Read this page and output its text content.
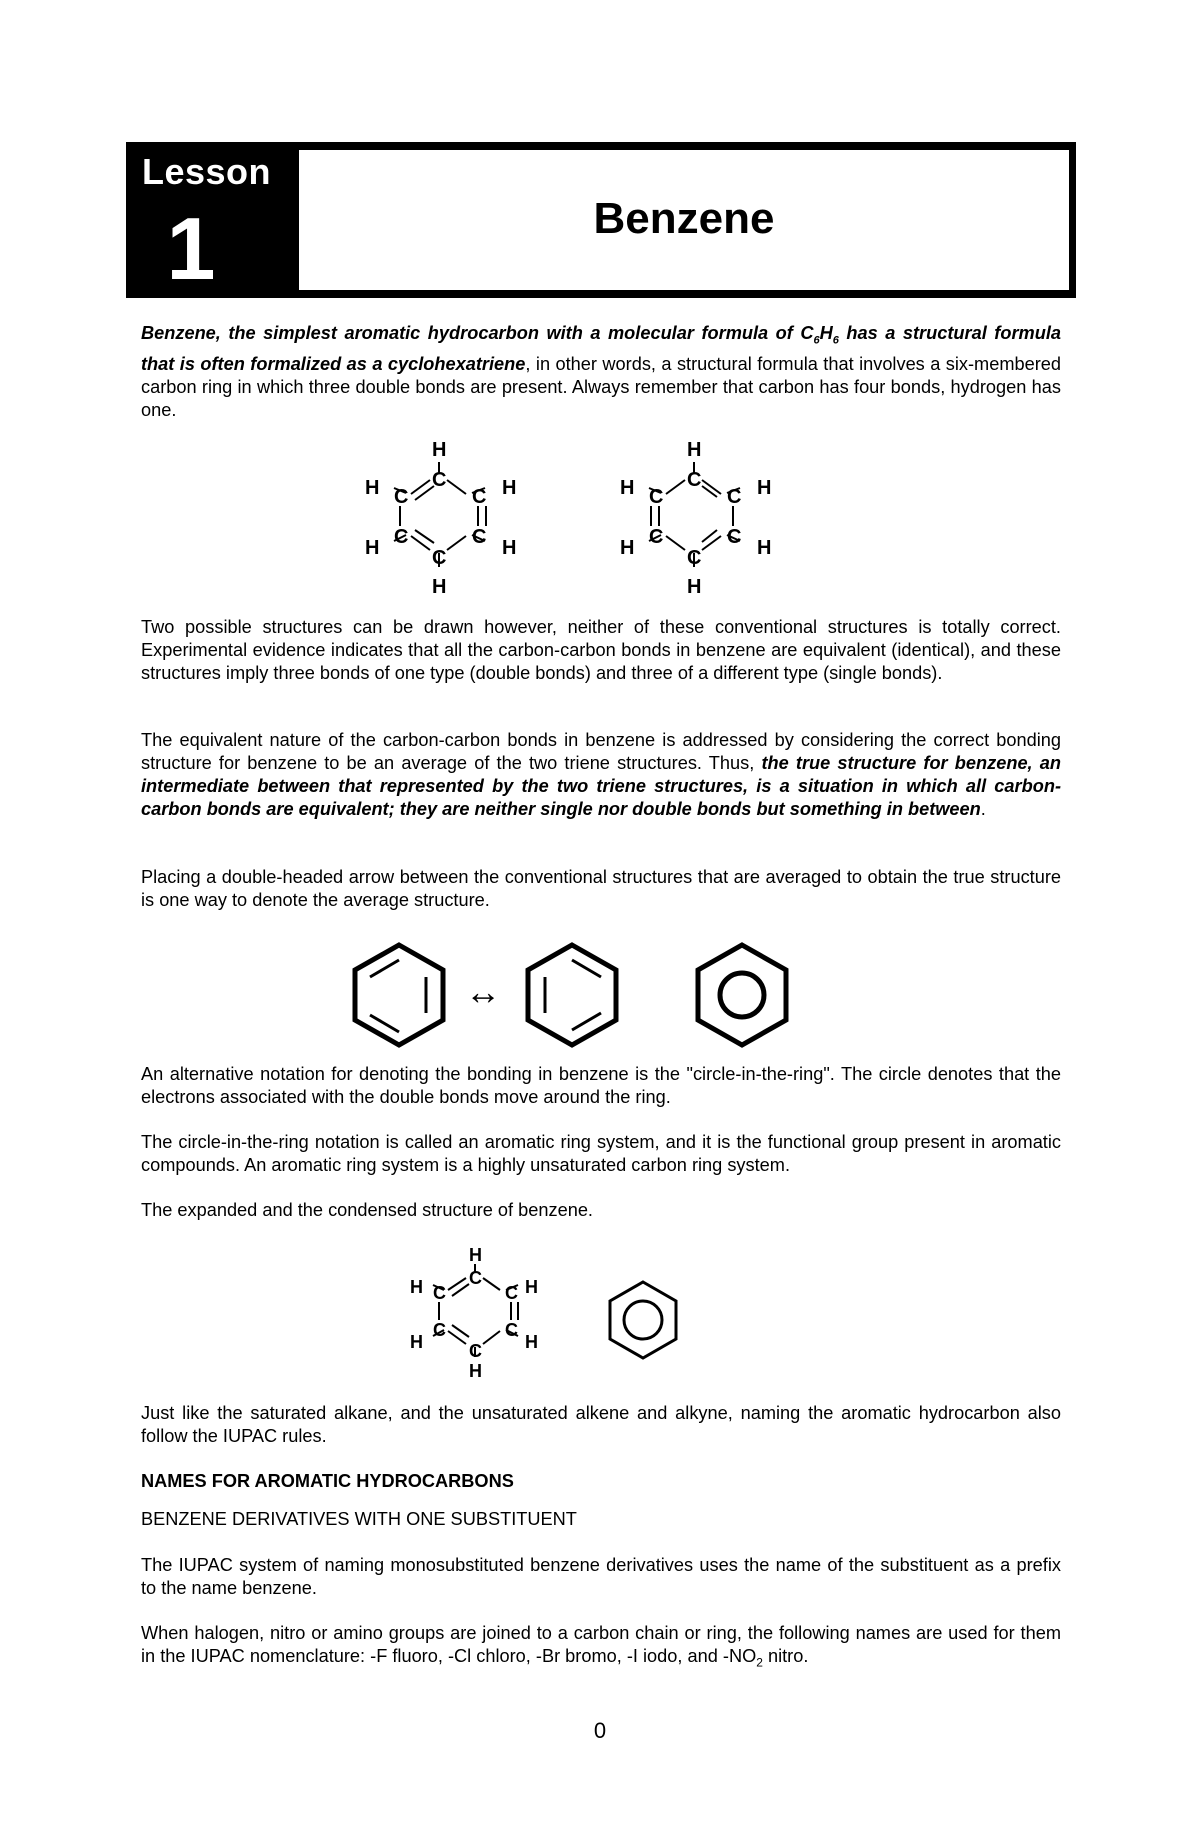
Lesson
1	Benzene
Benzene, the simplest aromatic hydrocarbon with a molecular formula of $C_6H_6$ has a structural formula that is often formalized as a cyclohexatriene, in other words, a structural formula that involves a six-membered carbon ring in which three double bonds are present. Always remember that carbon has four bonds, hydrogen has one.
H
C
H C	C H
H C	C H
C
H
H
C
H C	C H
H C	C H
C
H
Two possible structures can be drawn however, neither of these conventional structures is totally correct. Experimental evidence indicates that all the carbon-carbon bonds in benzene are equivalent (identical), and these structures imply three bonds of one type (double bonds) and three of a different type (single bonds).
The equivalent nature of the carbon-carbon bonds in benzene is addressed by considering the correct bonding structure for benzene to be an average of the two triene structures. Thus, the true structure for benzene, an intermediate between that represented by the two triene structures, is a situation in which all carbon-carbon bonds are equivalent; they are neither single nor double bonds but something in between.
Placing a double-headed arrow between the conventional structures that are averaged to obtain the true structure is one way to denote the average structure.
↔
An alternative notation for denoting the bonding in benzene is the "circle-in-the-ring". The circle denotes that the electrons associated with the double bonds move around the ring.
The circle-in-the-ring notation is called an aromatic ring system, and it is the functional group present in aromatic compounds. An aromatic ring system is a highly unsaturated carbon ring system.
The expanded and the condensed structure of benzene.
H
C
H C	C H
H
C	C
H
C
H
Just like the saturated alkane, and the unsaturated alkene and alkyne, naming the aromatic hydrocarbon also follow the IUPAC rules.
NAMES FOR AROMATIC HYDROCARBONS
BENZENE DERIVATIVES WITH ONE SUBSTITUENT
The IUPAC system of naming monosubstituted benzene derivatives uses the name of the substituent as a prefix to the name benzene.
When halogen, nitro or amino groups are joined to a carbon chain or ring, the following names are used for them in the IUPAC nomenclature: -F fluoro, -Cl chloro, -Br bromo, -I iodo, and $-NO_2$ nitro.
0
